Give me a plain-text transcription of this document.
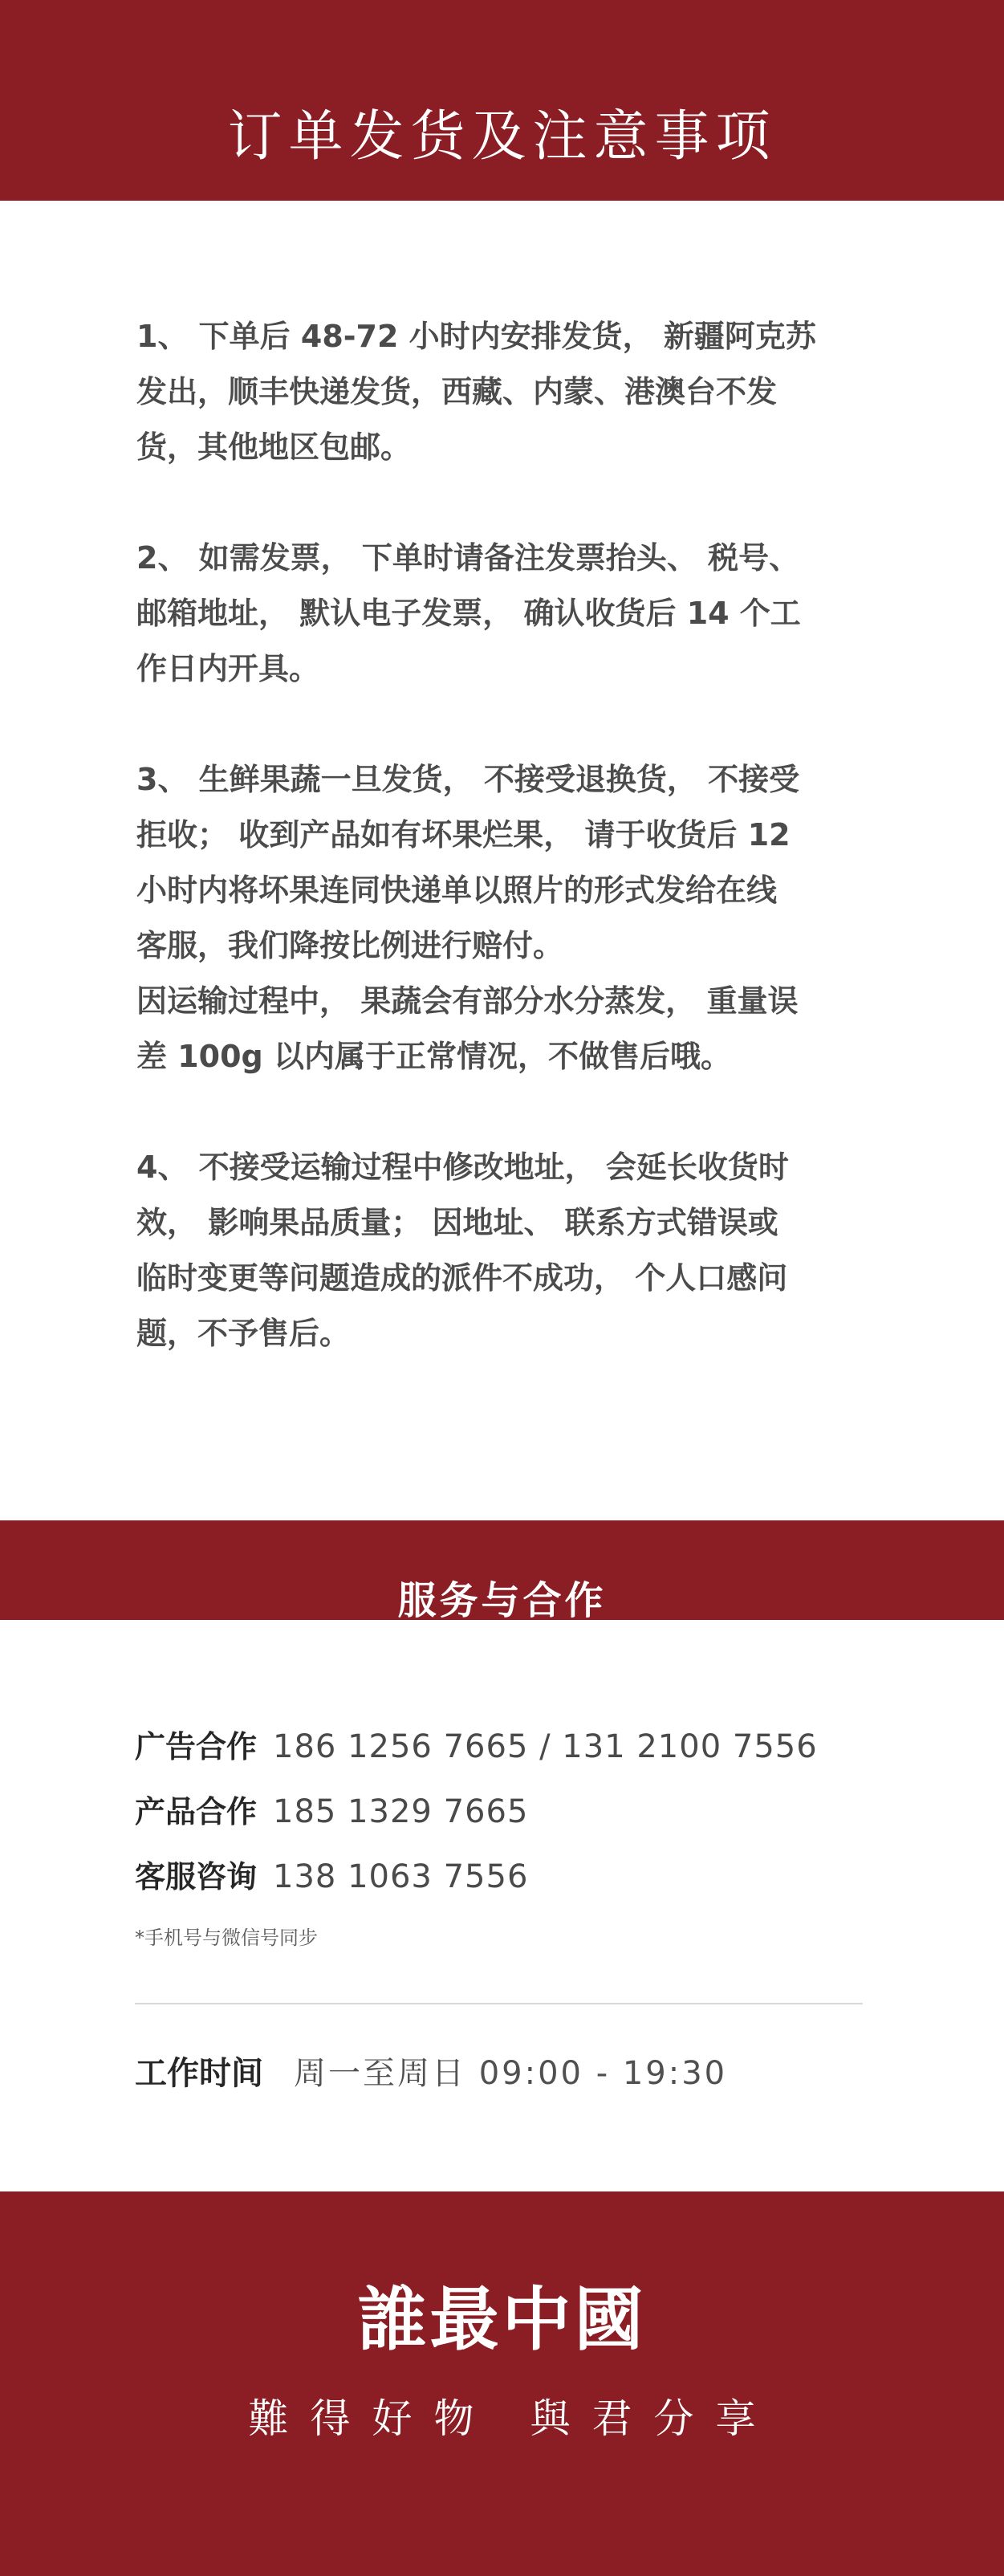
订单发货及注意事项
1、 下单后 48-72 小时内安排发货， 新疆阿克苏
发出，顺丰快递发货，西藏、内蒙、港澳台不发
货，其他地区包邮。
2、 如需发票， 下单时请备注发票抬头、 税号、
邮箱地址， 默认电子发票， 确认收货后 14 个工
作日内开具。
3、 生鲜果蔬一旦发货， 不接受退换货， 不接受
拒收； 收到产品如有坏果烂果， 请于收货后 12
小时内将坏果连同快递单以照片的形式发给在线
客服，我们降按比例进行赔付。
因运输过程中， 果蔬会有部分水分蒸发， 重量误
差 100g 以内属于正常情况，不做售后哦。
4、 不接受运输过程中修改地址， 会延长收货时
效， 影响果品质量； 因地址、 联系方式错误或
临时变更等问题造成的派件不成功， 个人口感问
题，不予售后。
服务与合作
广告合作 186 1256 7665 / 131 2100 7556
产品合作 185 1329 7665
客服咨询 138 1063 7556
*手机号与微信号同步
工作时间 周一至周日 09:00 - 19:30
誰最中國
難得好物 與君分享
